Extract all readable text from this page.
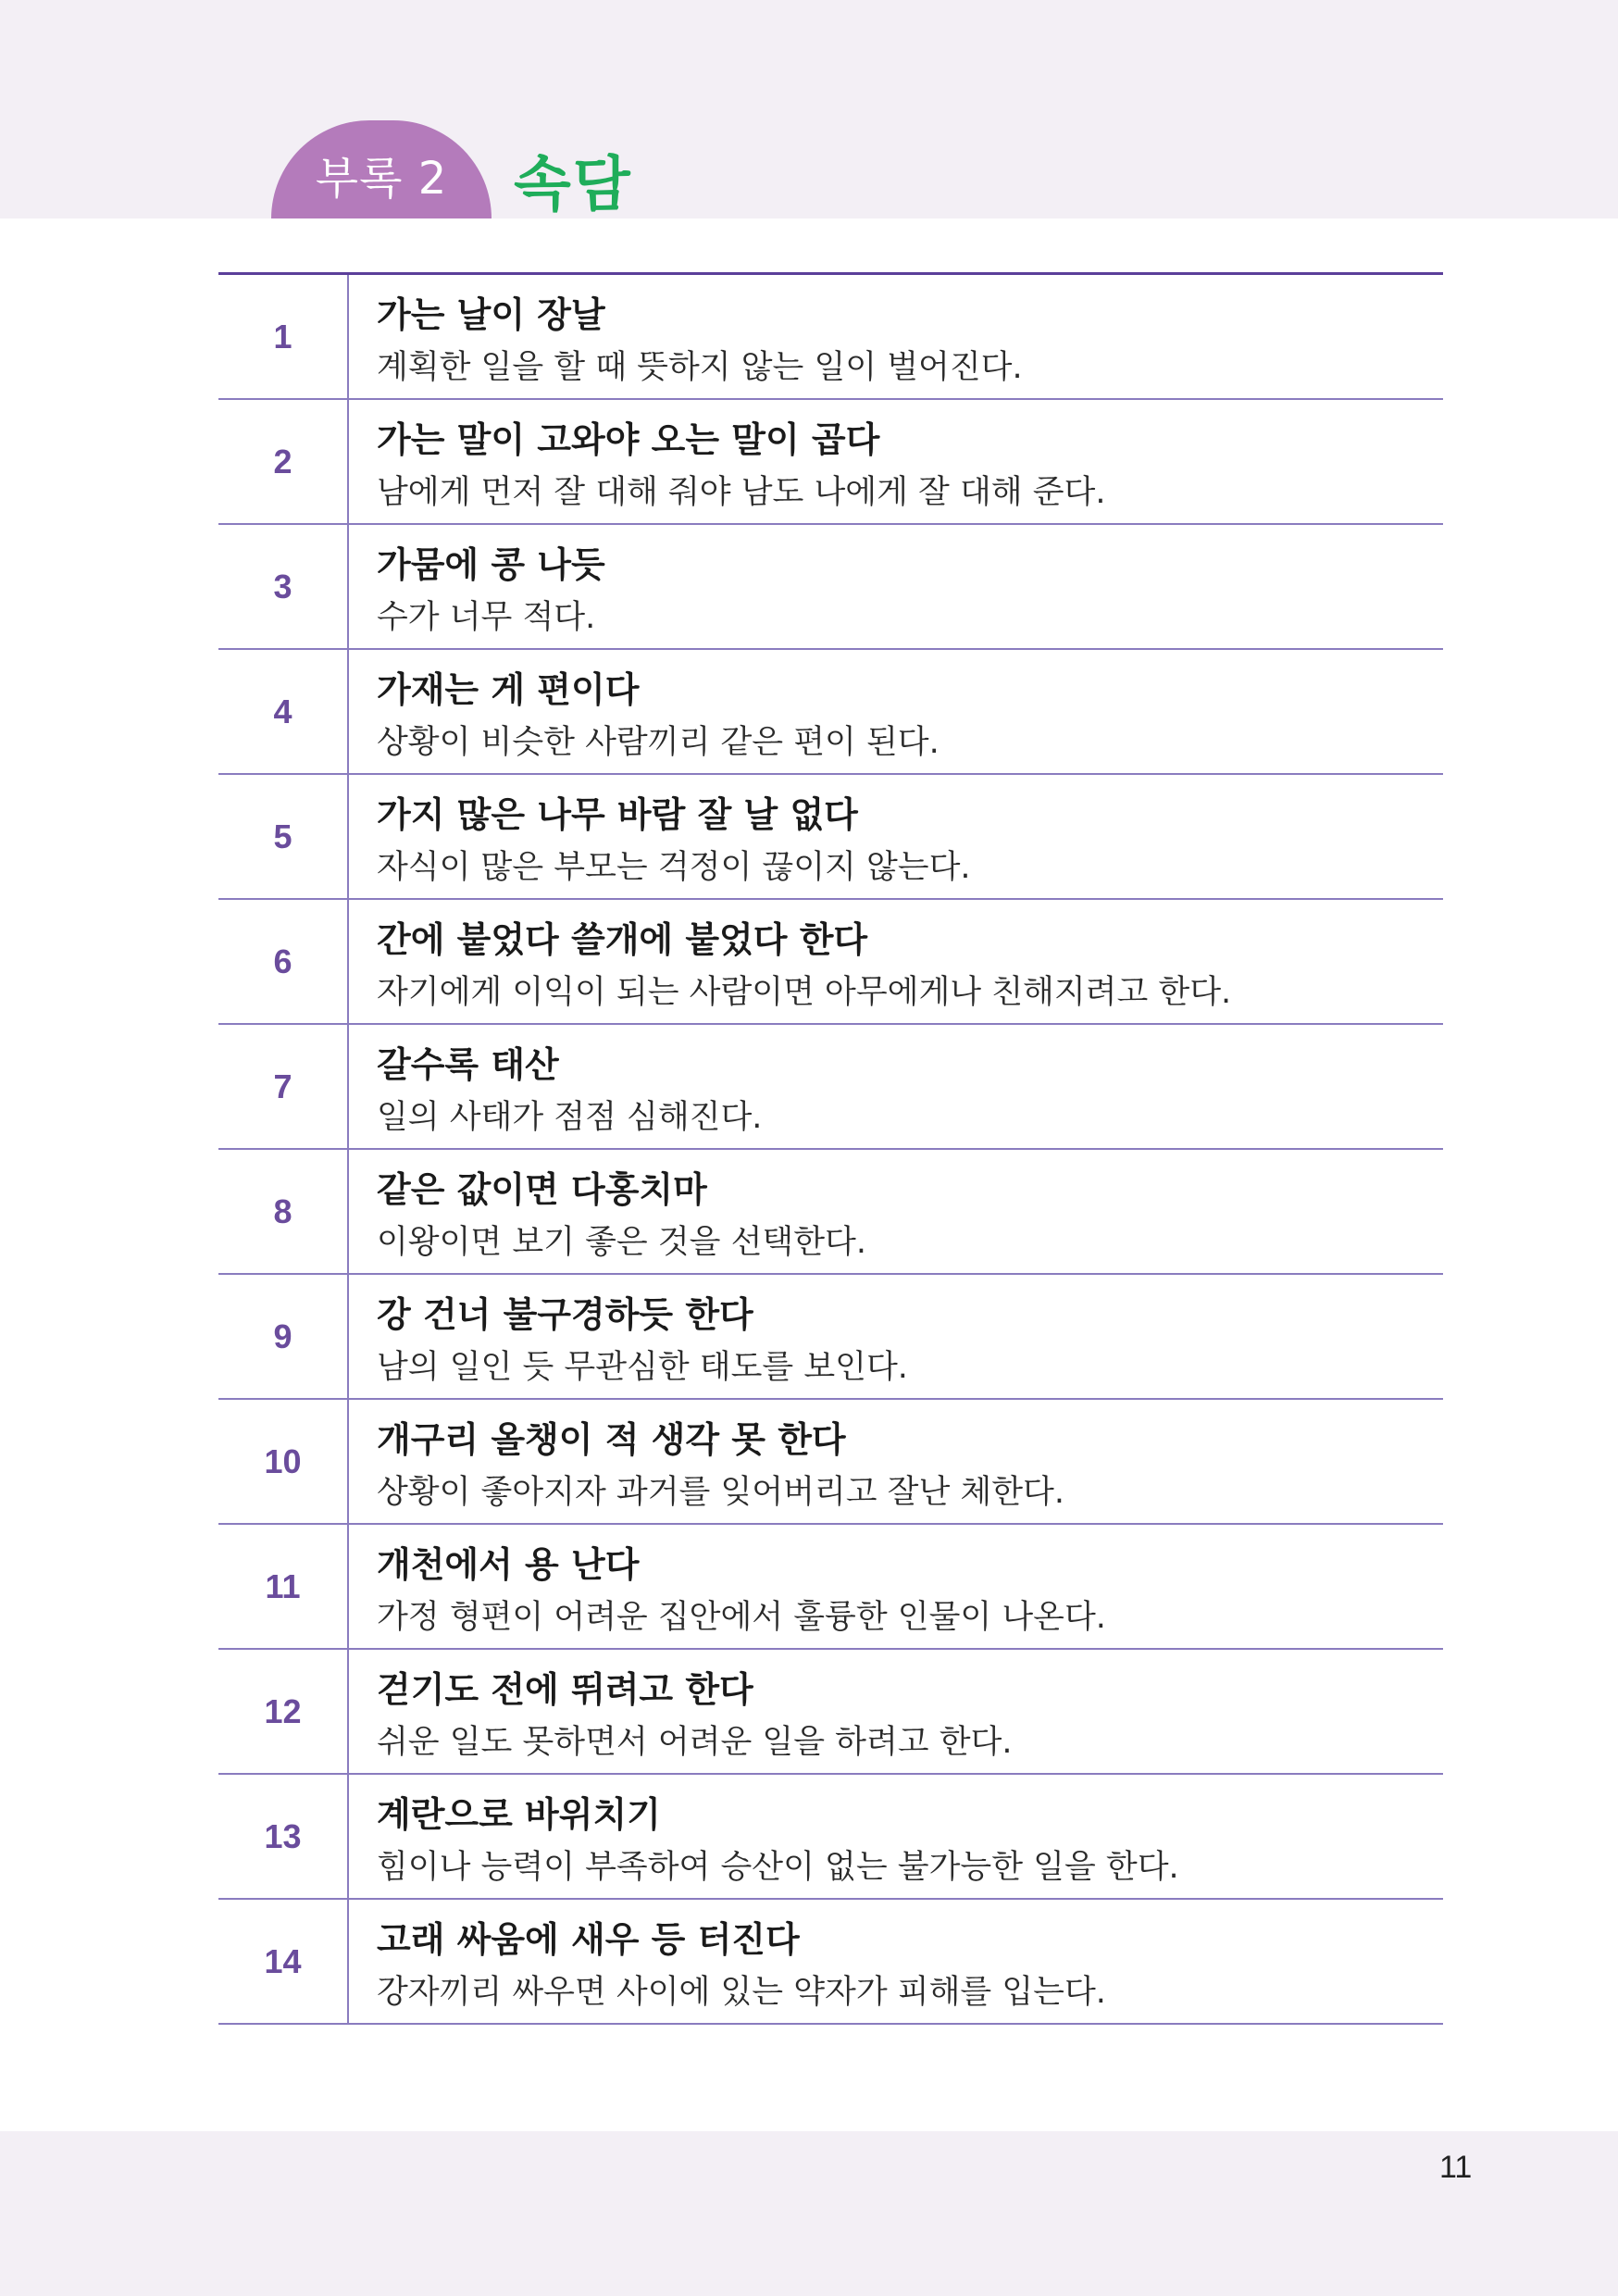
부록 2 속담
1
가는 날이 장날
계획한 일을 할 때 뜻하지 않는 일이 벌어진다.
2
가는 말이 고와야 오는 말이 곱다
남에게 먼저 잘 대해 줘야 남도 나에게 잘 대해 준다.
3
가뭄에 콩 나듯
수가 너무 적다.
4
가재는 게 편이다
상황이 비슷한 사람끼리 같은 편이 된다.
5
가지 많은 나무 바람 잘 날 없다
자식이 많은 부모는 걱정이 끊이지 않는다.
6
간에 붙었다 쓸개에 붙었다 한다
자기에게 이익이 되는 사람이면 아무에게나 친해지려고 한다.
7
갈수록 태산
일의 사태가 점점 심해진다.
8
같은 값이면 다홍치마
이왕이면 보기 좋은 것을 선택한다.
9
강 건너 불구경하듯 한다
남의 일인 듯 무관심한 태도를 보인다.
10
개구리 올챙이 적 생각 못 한다
상황이 좋아지자 과거를 잊어버리고 잘난 체한다.
11
개천에서 용 난다
가정 형편이 어려운 집안에서 훌륭한 인물이 나온다.
12
걷기도 전에 뛰려고 한다
쉬운 일도 못하면서 어려운 일을 하려고 한다.
13
계란으로 바위치기
힘이나 능력이 부족하여 승산이 없는 불가능한 일을 한다.
14
고래 싸움에 새우 등 터진다
강자끼리 싸우면 사이에 있는 약자가 피해를 입는다.
11
